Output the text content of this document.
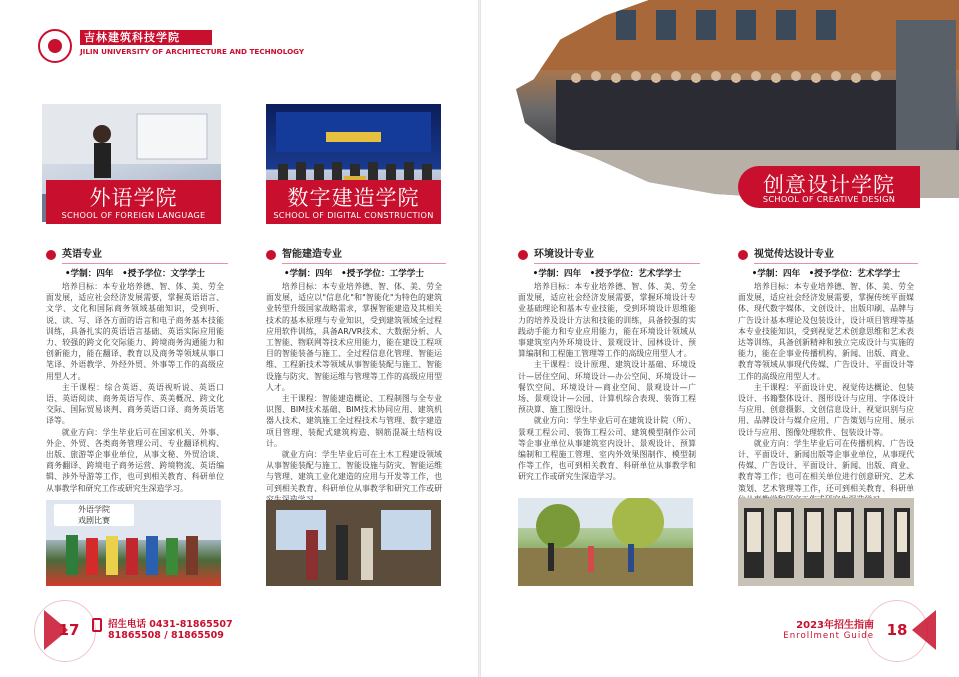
吉林建筑科技学院
JILIN UNIVERSITY OF ARCHITECTURE AND TECHNOLOGY
外语学院
SCHOOL OF FOREIGN LANGUAGE
数字建造学院
SCHOOL OF DIGITAL CONSTRUCTION
英语专业
•学制：四年　•授予学位：文学学士

培养目标：本专业培养德、智、体、美、劳全面发展，适应社会经济发展需要，掌握英语语言、文学、文化和国际商务领域基础知识，受到听、说、读、写、译各方面的语言和电子商务基本技能训练，具备扎实的英语语言基础、英语实际应用能力、较强的跨文化交际能力、跨境商务沟通能力和创新能力，能在翻译、教育以及商务等领域从事口笔译、外语教学、外经外贸、外事等工作的高级应用型人才。

主干课程：综合英语、英语视听说、英语口语、英语阅读、商务英语写作、英美概况、跨文化交际、国际贸易谈判、商务英语口译、商务英语笔译等。

就业方向：学生毕业后可在国家机关、外事、外企、外贸、各类商务管理公司、专业翻译机构、出版、旅游等企事业单位，从事文秘、外贸洽谈、商务翻译、跨境电子商务运营、跨境物流、英语编辑、涉外导游等工作，也可到相关教育、科研单位从事教学和研究工作或研究生深造学习。

智能建造专业
•学制：四年　•授予学位：工学学士

培养目标：本专业培养德、智、体、美、劳全面发展，适应以"信息化"和"智能化"为特色的建筑业转型升级国家战略需求，掌握智能建造及其相关技术的基本原理与专业知识，受到建筑领域全过程应用软件训练，具备AR/VR技术、大数据分析、人工智能、物联网等技术应用能力，能在建设工程项目的智能装备与施工、全过程信息化管理、智能运维、工程新技术等领域从事智能装配与施工、智能设施与防灾、智能运维与管理等工作的高级应用型人才。

主干课程：智能建造概论、工程制图与全专业识图、BIM技术基础、BIM技术协同应用、建筑机器人技术、建筑施工全过程技术与管理、数字建造项目管理、装配式建筑构造、钢筋混凝土结构设计。

就业方向：学生毕业后可在土木工程建设领域从事智能装配与施工、智能设施与防灾、智能运维与管理、建筑工业化建造的应用与开发等工作，也可到相关教育、科研单位从事教学和研究工作或研

外语学院
戏剧比赛
创意设计学院
SCHOOL OF CREATIVE DESIGN
环境设计专业
•学制：四年　•授予学位：艺术学学士

培养目标：本专业培养德、智、体、美、劳全面发展，适应社会经济发展需要，掌握环境设计专业基础理论和基本专业技能，受到环境设计思维能力的培养及设计方法和技能的训练，具备较强的实践动手能力和专业应用能力，能在环境设计领域从事建筑室内外环境设计、景观设计、园林设计、预算编制和工程施工管理等工作的高级应用型人才。

主干课程：设计原理、建筑设计基础、环境设计—居住空间、环境设计—办公空间、环境设计—餐饮空间、环境设计—商业空间、景观设计—广场、景观设计—公园、计算机综合表现、装饰工程预决算、施工图设计。

就业方向：学生毕业后可在建筑设计院（所）、景观工程公司、装饰工程公司、建筑模型制作公司等企事业单位从事建筑室内设计、景观设计、预算编制和工程施工管理、室内外效果图制作、模型制作等工作，也可到相关教育、科研单位从事教学和研究工作或研究生深造学习。

视觉传达设计专业
•学制：四年　•授予学位：艺术学学士

培养目标：本专业培养德、智、体、美、劳全面发展，适应社会经济发展需要，掌握传统平面媒体、现代数字媒体、文创设计、出版印刷、品牌与广告设计基本理论及包装设计，设计项目管理等基本专业技能知识，受到视觉艺术创意思维和艺术表达等训练，具备创新精神和独立完成设计与实施的能力，能在企事业传播机构、新闻、出版、商业、教育等领域从事现代传媒、广告设计、平面设计等工作的高级应用型人才。

主干课程：平面设计史、视觉传达概论、包装设计、书籍整体设计、图形设计与应用、字体设计与应用、创意摄影、文创信息设计、视觉识别与应用、品牌设计与媒介应用、广告策划与应用、展示设计与应用、图像处理软件、包装设计等。

就业方向：学生毕业后可在传播机构、广告设计、平面设计、新闻出版等企事业单位，从事现代传媒、广告设计、平面设计、新闻、出版、商业、教育等工作；也可在相关单位进行创意研究、艺术策划、艺术管理等工作，还可到相关教育、科研单

17	招生电话 0431-81865507
81865508 / 81865509
2023年招生指南
Enrollment Guide 18
